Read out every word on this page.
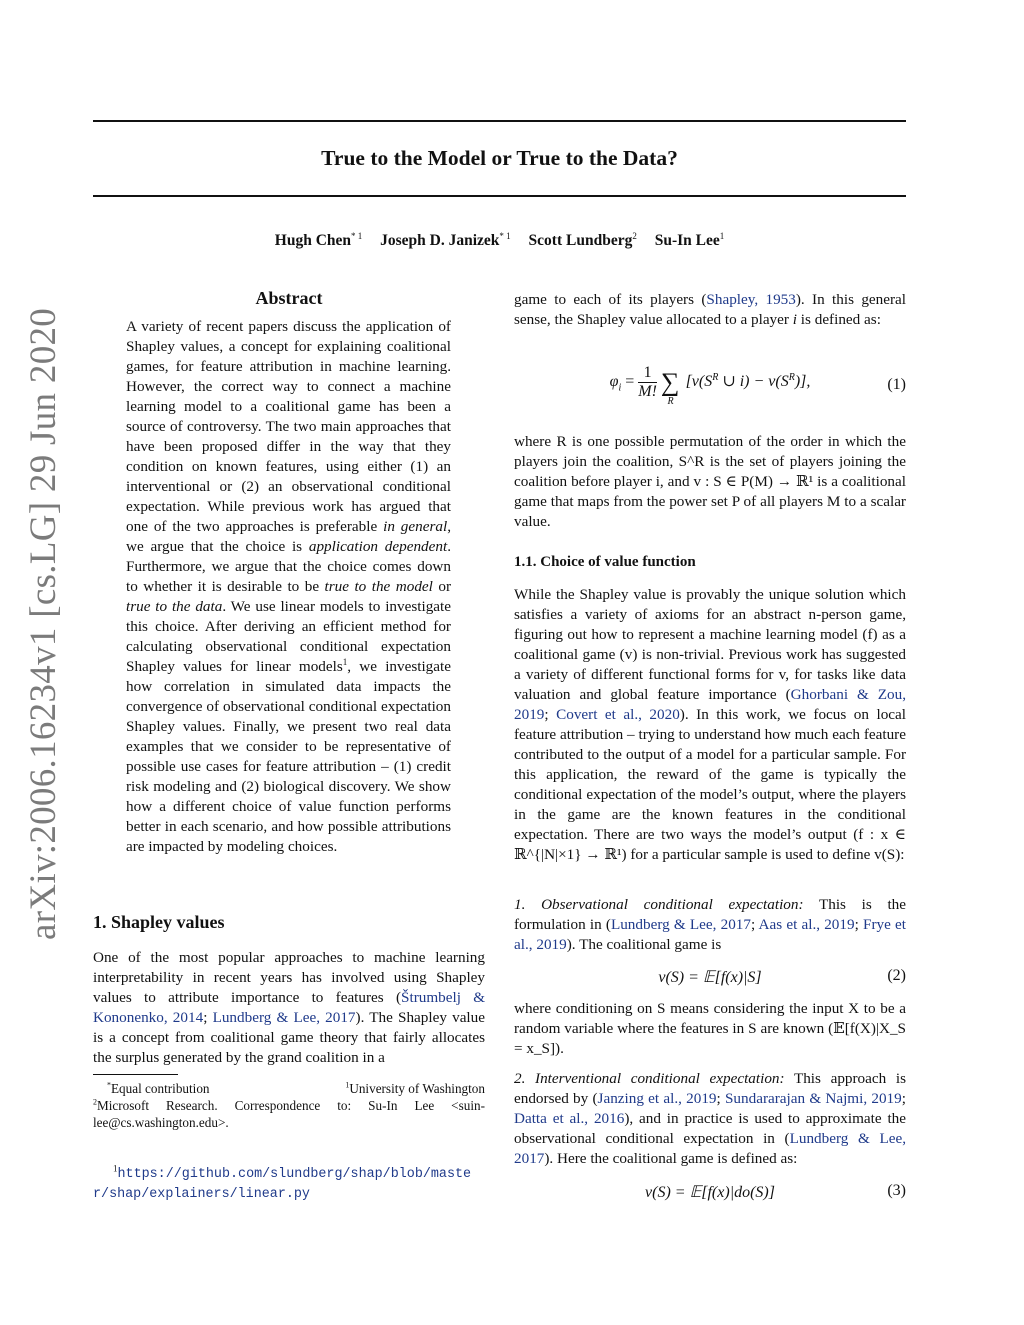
True to the Model or True to the Data?
Hugh Chen$^{* 1}$ Joseph D. Janizek$^{* 1}$ Scott Lundberg$^2$ Su-In Lee$^1$
arXiv:2006.16234v1 [cs.LG] 29 Jun 2020
Abstract
A variety of recent papers discuss the application of Shapley values, a concept for explaining coalitional games, for feature attribution in machine learning. However, the correct way to connect a machine learning model to a coalitional game has been a source of controversy. The two main approaches that have been proposed differ in the way that they condition on known features, using either (1) an interventional or (2) an observational conditional expectation. While previous work has argued that one of the two approaches is preferable in general, we argue that the choice is application dependent. Furthermore, we argue that the choice comes down to whether it is desirable to be true to the model or true to the data. We use linear models to investigate this choice. After deriving an efficient method for calculating observational conditional expectation Shapley values for linear models$^1$, we investigate how correlation in simulated data impacts the convergence of observational conditional expectation Shapley values. Finally, we present two real data examples that we consider to be representative of possible use cases for feature attribution – (1) credit risk modeling and (2) biological discovery. We show how a different choice of value function performs better in each scenario, and how possible attributions are impacted by modeling choices.
1. Shapley values

One of the most popular approaches to machine learning interpretability in recent years has involved using Shapley values to attribute importance to features (Štrumbelj & Kononenko, 2014; Lundberg & Lee, 2017). The Shapley value is a concept from coalitional game theory that fairly allocates the surplus generated by the grand coalition in a

*Equal contribution	$^1$University of Washington
$^2$Microsoft Research. Correspondence to: Su-In Lee <suin-lee@cs.washington.edu>.
$^1$https://github.com/slundberg/shap/blob/master/shap/explainers/linear.py

game to each of its players (Shapley, 1953). In this general sense, the Shapley value allocated to a player i is defined as:

$\varphi_i = \frac{1}{M!} \sum_R[v(S^R$ ∪ $i) - v(S^R)$],	(1)

where R is one possible permutation of the order in which the players join the coalition, S^R is the set of players joining the coalition before player i, and v : S ∈ P(M) → ℝ¹ is a coalitional game that maps from the power set P of all players M to a scalar value.

1.1. Choice of value function

While the Shapley value is provably the unique solution which satisfies a variety of axioms for an abstract n-person game, figuring out how to represent a machine learning model (f) as a coalitional game (v) is non-trivial. Previous work has suggested a variety of different functional forms for v, for tasks like data valuation and global feature importance (Ghorbani & Zou, 2019; Covert et al., 2020). In this work, we focus on local feature attribution – trying to understand how much each feature contributed to the output of a model for a particular sample. For this application, the reward of the game is typically the conditional expectation of the model’s output, where the players in the game are the known features in the conditional expectation. There are two ways the model’s output (f : x ∈ ℝ^{|N|×1} → ℝ¹) for a particular sample is used to define v(S):

1. Observational conditional expectation: This is the formulation in (Lundberg & Lee, 2017; Aas et al., 2019; Frye et al., 2019). The coalitional game is

v(S) = 𝔼[f(x)|S]	(2)

where conditioning on S means considering the input X to be a random variable where the features in S are known (𝔼[f(X)|X_S = x_S]).

2. Interventional conditional expectation: This approach is endorsed by (Janzing et al., 2019; Sundararajan & Najmi, 2019; Datta et al., 2016), and in practice is used to approximate the observational conditional expectation in (Lundberg & Lee, 2017). Here the coalitional game is defined as:

v(S) = 𝔼[f(x)|do(S)]	(3)
